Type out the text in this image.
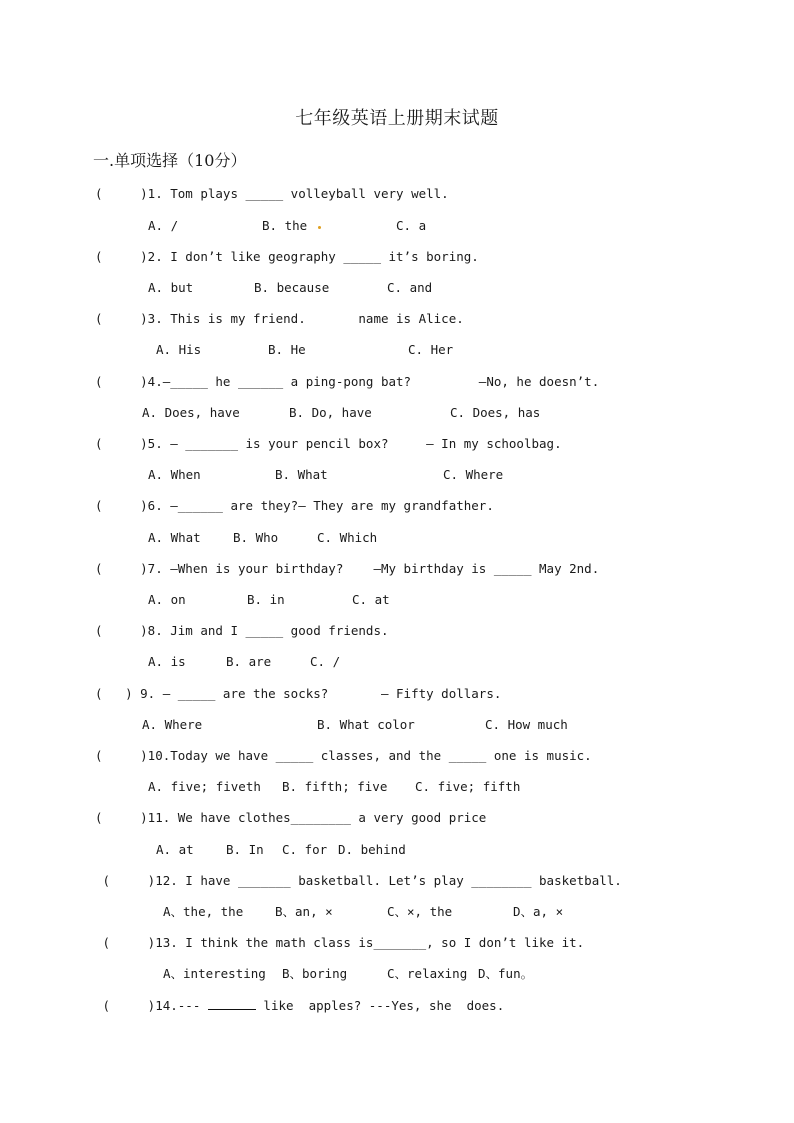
七年级英语上册期末试题
一.单项选择（10分）
(     )1. Tom plays _____ volleyball very well.
A. /	B. the	C. a
(     )2. I don’t like geography _____ it’s boring.
A. but	B. because	C. and
(     )3. This is my friend.       name is Alice.
A. His	B. He	C. Her
(     )4.—_____ he ______ a ping-pong bat?         —No, he doesn’t.
A. Does, have	B. Do, have	C. Does, has
(     )5. — _______ is your pencil box?     — In my schoolbag.
A. When	B. What	C. Where
(     )6. —______ are they?— They are my grandfather.
A. What	B. Who	C. Which
(     )7. —When is your birthday?    —My birthday is _____ May 2nd.
A. on	B. in	C. at
(     )8. Jim and I _____ good friends.
A. is	B. are	C. /
(   ) 9. — _____ are the socks?       — Fifty dollars.
A. Where	B. What color	C. How much
(     )10.Today we have _____ classes, and the _____ one is music.
A. five; fiveth B. fifth; five C. five; fifth
(     )11. We have clothes________ a very good price
A. at	B. In C. for D. behind
(     )12. I have _______ basketball. Let’s play ________ basketball.
A、the, the	B、an, ×	C、×, the	D、a, ×
(     )13. I think the math class is_______, so I don’t like it.
A、interesting B、boring	C、relaxing D、fun。
(     )14.---	like  apples? ---Yes, she  does.
